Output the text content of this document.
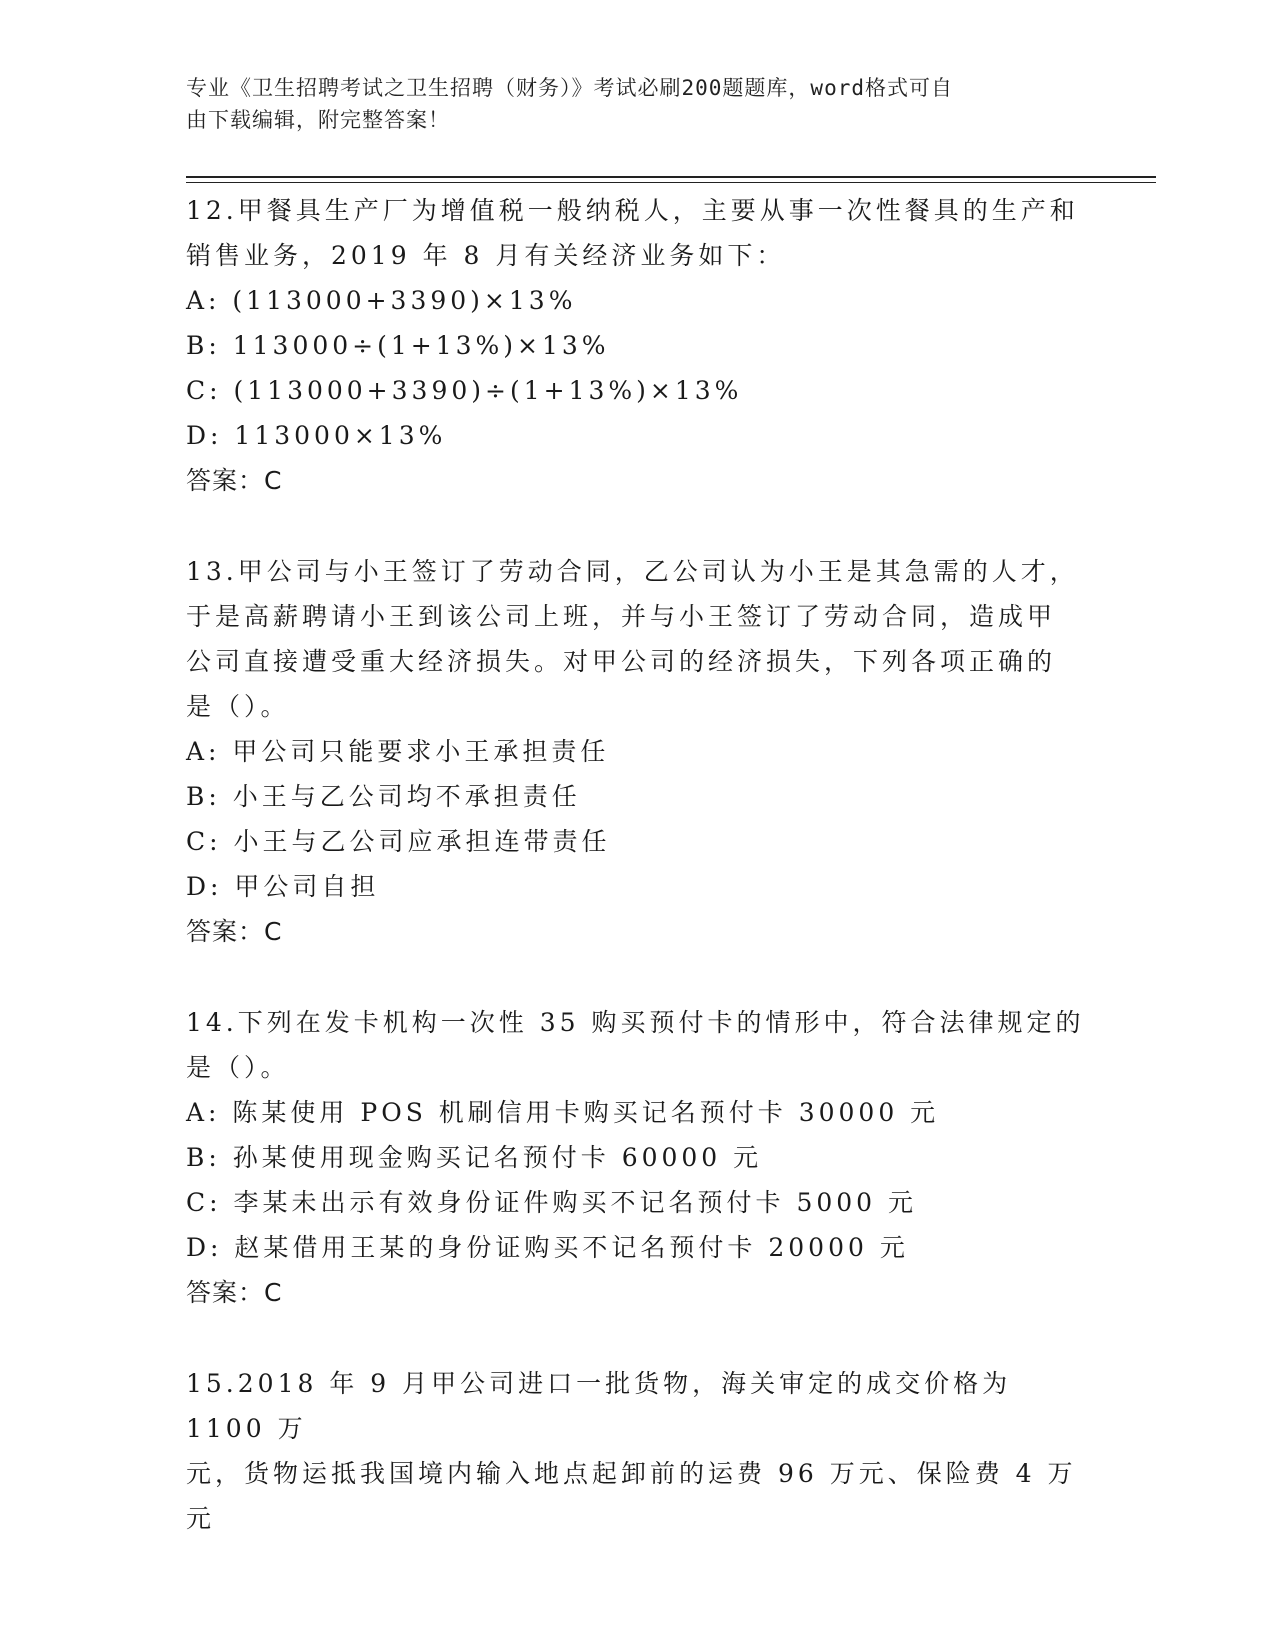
专业《卫生招聘考试之卫生招聘（财务）》考试必刷200题题库，word格式可自
由下载编辑，附完整答案！

12.甲餐具生产厂为增值税一般纳税人，主要从事一次性餐具的生产和

销售业务，2019 年 8 月有关经济业务如下：

A: (113000+3390)×13%

B: 113000÷(1+13%)×13%

C: (113000+3390)÷(1+13%)×13%

D: 113000×13%

答案：C

13.甲公司与小王签订了劳动合同，乙公司认为小王是其急需的人才，

于是高薪聘请小王到该公司上班，并与小王签订了劳动合同，造成甲

公司直接遭受重大经济损失。对甲公司的经济损失，下列各项正确的

是（）。

A: 甲公司只能要求小王承担责任

B: 小王与乙公司均不承担责任

C: 小王与乙公司应承担连带责任

D: 甲公司自担

答案：C

14.下列在发卡机构一次性 35 购买预付卡的情形中，符合法律规定的

是（）。

A: 陈某使用 POS 机刷信用卡购买记名预付卡 30000 元

B: 孙某使用现金购买记名预付卡 60000 元

C: 李某未出示有效身份证件购买不记名预付卡 5000 元

D: 赵某借用王某的身份证购买不记名预付卡 20000 元

答案：C

15.2018 年 9 月甲公司进口一批货物，海关审定的成交价格为 1100 万

元，货物运抵我国境内输入地点起卸前的运费 96 万元、保险费 4 万元
